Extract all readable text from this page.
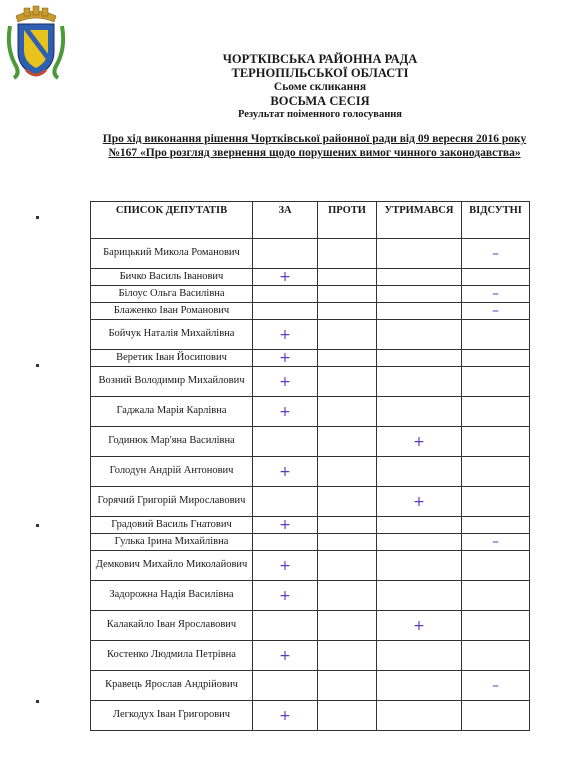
ЧОРТКІВСЬКА РАЙОННА РАДА
ТЕРНОПІЛЬСЬКОЇ ОБЛАСТІ
Сьоме скликання
ВОСЬМА СЕСІЯ
Результат поіменного голосування
Про хід виконання рішення Чортківської районної ради від 09 вересня 2016 року №167 «Про розгляд звернення щодо порушених вимог чинного законодавства»
СПИСОК ДЕПУТАТІВ	ЗА	ПРОТИ	УТРИМАВСЯ	ВІДСУТНІ
Барицький Микола Романович				–
Бичко Василь Іванович	+			
Білоус Ольга Василівна				–
Блаженко Іван Романович				–
Бойчук Наталія Михайлівна	+			
Веретик Іван Йосипович	+			
Возний Володимир Михайлович	+			
Гаджала Марія Карлівна	+			
Годинюк Мар'яна Василівна			+	
Голодун Андрій Антонович	+			
Горячий Григорій Мирославович			+	
Градовий Василь Гнатович	+			
Гулька Ірина Михайлівна				–
Демкович Михайло Миколайович	+			
Задорожна Надія Василівна	+			
Калакайло Іван Ярославович			+	
Костенко Людмила Петрівна	+			
Кравець Ярослав Андрійович				–
Легкодух Іван Григорович	+			
